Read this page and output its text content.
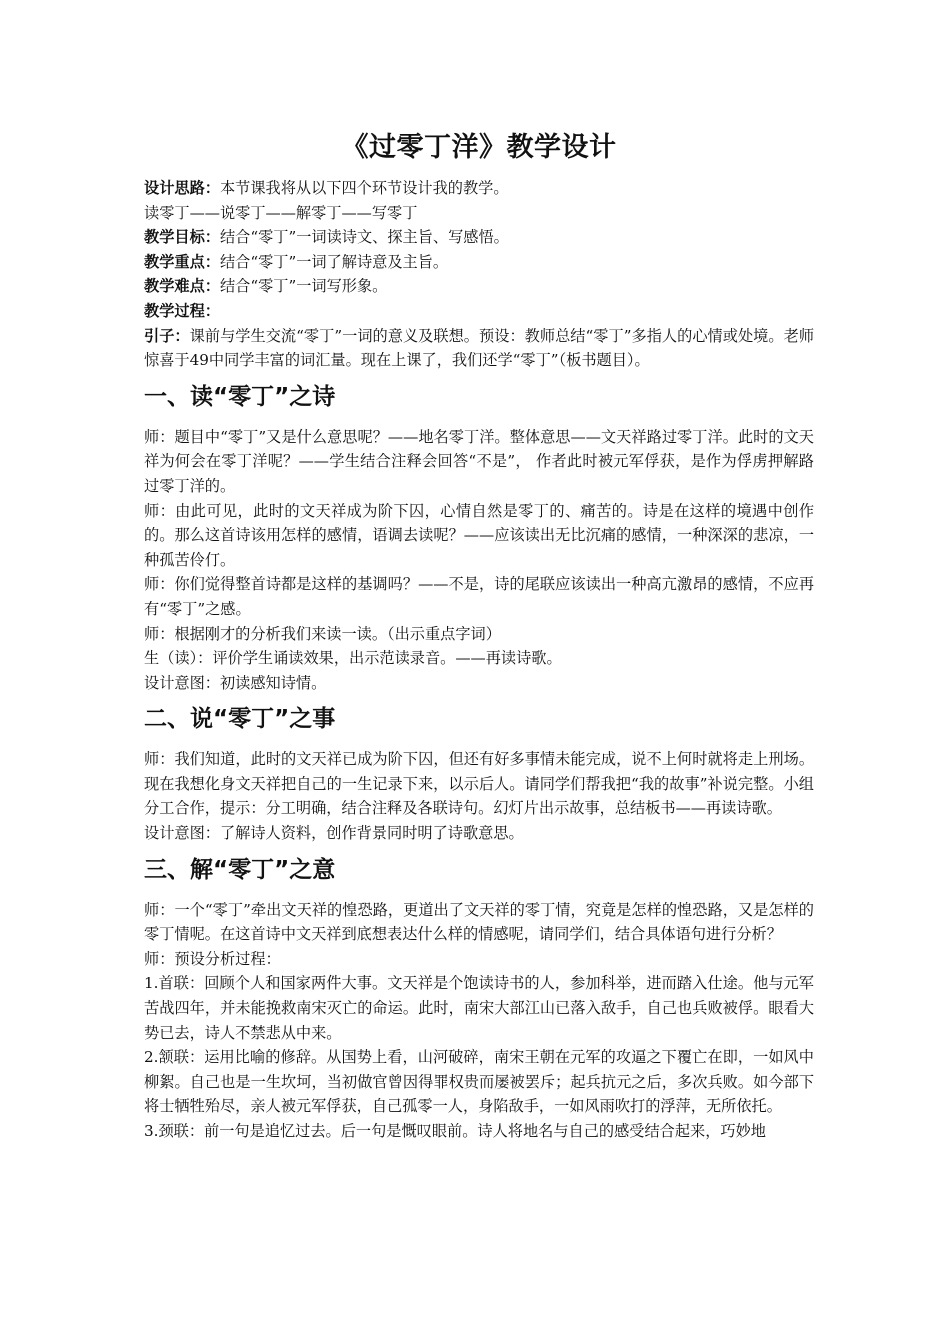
《过零丁洋》教学设计

设计思路：本节课我将从以下四个环节设计我的教学。

读零丁——说零丁——解零丁——写零丁

教学目标：结合“零丁”一词读诗文、探主旨、写感悟。

教学重点：结合“零丁”一词了解诗意及主旨。

教学难点：结合“零丁”一词写形象。

教学过程：

引子：课前与学生交流“零丁”一词的意义及联想。预设：教师总结“零丁”多指人的心情或处境。老师惊喜于49中同学丰富的词汇量。现在上课了，我们还学“零丁”（板书题目）。

一、读“零丁”之诗

师：题目中“零丁”又是什么意思呢？——地名零丁洋。整体意思——文天祥路过零丁洋。此时的文天祥为何会在零丁洋呢？——学生结合注释会回答“不是”， 作者此时被元军俘获，是作为俘虏押解路过零丁洋的。

师：由此可见，此时的文天祥成为阶下囚，心情自然是零丁的、痛苦的。诗是在这样的境遇中创作的。那么这首诗该用怎样的感情，语调去读呢？——应该读出无比沉痛的感情，一种深深的悲凉，一种孤苦伶仃。

师：你们觉得整首诗都是这样的基调吗？——不是，诗的尾联应该读出一种高亢激昂的感情，不应再有“零丁”之感。

师：根据刚才的分析我们来读一读。（出示重点字词）

生（读）：评价学生诵读效果，出示范读录音。——再读诗歌。

设计意图：初读感知诗情。

二、说“零丁”之事

师：我们知道，此时的文天祥已成为阶下囚，但还有好多事情未能完成，说不上何时就将走上刑场。现在我想化身文天祥把自己的一生记录下来，以示后人。请同学们帮我把“我的故事”补说完整。小组分工合作，提示：分工明确，结合注释及各联诗句。幻灯片出示故事，总结板书——再读诗歌。

设计意图：了解诗人资料，创作背景同时明了诗歌意思。

三、解“零丁”之意

师：一个“零丁”牵出文天祥的惶恐路，更道出了文天祥的零丁情，究竟是怎样的惶恐路，又是怎样的零丁情呢。在这首诗中文天祥到底想表达什么样的情感呢，请同学们，结合具体语句进行分析？

师：预设分析过程：

1.首联：回顾个人和国家两件大事。文天祥是个饱读诗书的人，参加科举，进而踏入仕途。他与元军苦战四年，并未能挽救南宋灭亡的命运。此时，南宋大部江山已落入敌手，自己也兵败被俘。眼看大势已去，诗人不禁悲从中来。

2.颔联：运用比喻的修辞。从国势上看，山河破碎，南宋王朝在元军的攻逼之下覆亡在即，一如风中柳絮。自己也是一生坎坷，当初做官曾因得罪权贵而屡被罢斥；起兵抗元之后，多次兵败。如今部下将士牺牲殆尽，亲人被元军俘获，自己孤零一人，身陷敌手，一如风雨吹打的浮萍，无所依托。

3.颈联：前一句是追忆过去。后一句是慨叹眼前。诗人将地名与自己的感受结合起来，巧妙地
